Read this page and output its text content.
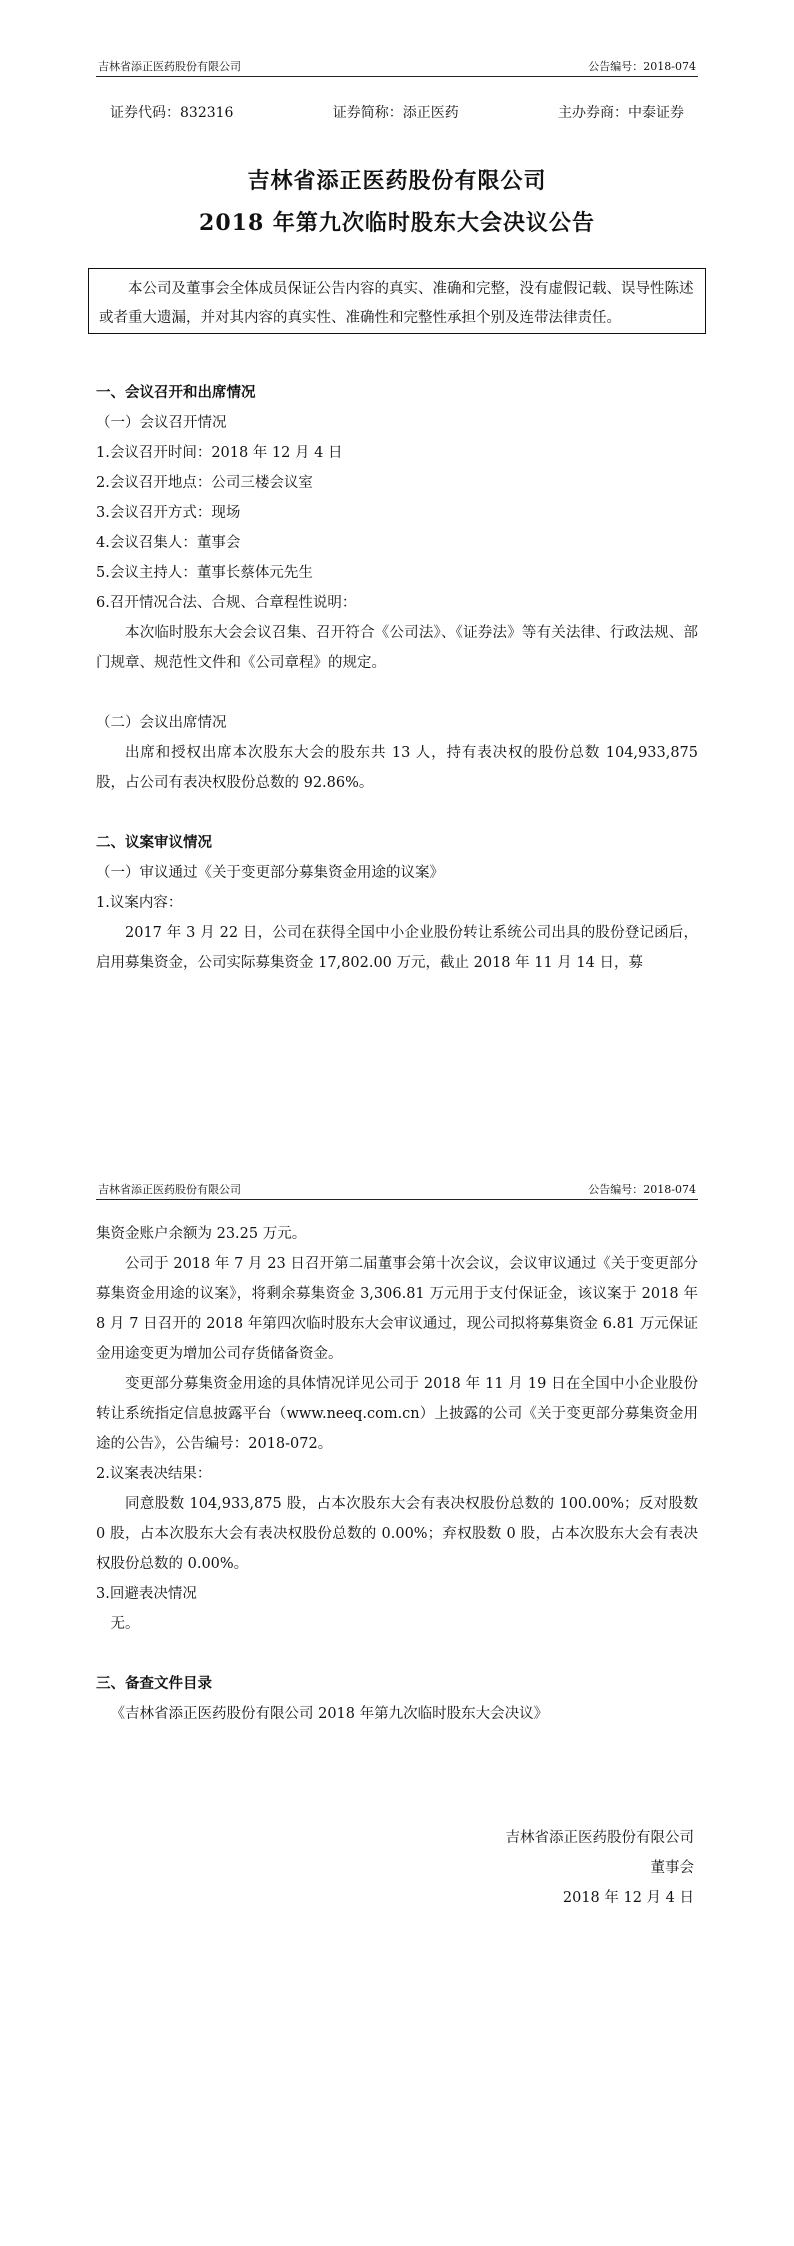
吉林省添正医药股份有限公司	公告编号：2018-074
证券代码：832316	证券简称：添正医药	主办券商：中泰证券
吉林省添正医药股份有限公司
2018 年第九次临时股东大会决议公告
本公司及董事会全体成员保证公告内容的真实、准确和完整，没有虚假记载、误导性陈述或者重大遗漏，并对其内容的真实性、准确性和完整性承担个别及连带法律责任。
一、会议召开和出席情况
（一）会议召开情况
1.会议召开时间：2018 年 12 月 4 日
2.会议召开地点：公司三楼会议室
3.会议召开方式：现场
4.会议召集人：董事会
5.会议主持人：董事长蔡体元先生
6.召开情况合法、合规、合章程性说明：
本次临时股东大会会议召集、召开符合《公司法》、《证券法》等有关法律、行政法规、部门规章、规范性文件和《公司章程》的规定。
（二）会议出席情况
出席和授权出席本次股东大会的股东共 13 人，持有表决权的股份总数 104,933,875 股，占公司有表决权股份总数的 92.86%。
二、议案审议情况
（一）审议通过《关于变更部分募集资金用途的议案》
1.议案内容：
2017 年 3 月 22 日，公司在获得全国中小企业股份转让系统公司出具的股份登记函后，启用募集资金，公司实际募集资金 17,802.00 万元，截止 2018 年 11 月 14 日，募
吉林省添正医药股份有限公司	公告编号：2018-074
集资金账户余额为 23.25 万元。
公司于 2018 年 7 月 23 日召开第二届董事会第十次会议，会议审议通过《关于变更部分募集资金用途的议案》，将剩余募集资金 3,306.81 万元用于支付保证金，该议案于 2018 年 8 月 7 日召开的 2018 年第四次临时股东大会审议通过，现公司拟将募集资金 6.81 万元保证金用途变更为增加公司存货储备资金。
变更部分募集资金用途的具体情况详见公司于 2018 年 11 月 19 日在全国中小企业股份转让系统指定信息披露平台（www.neeq.com.cn）上披露的公司《关于变更部分募集资金用途的公告》，公告编号：2018-072。
2.议案表决结果：
同意股数 104,933,875 股，占本次股东大会有表决权股份总数的 100.00%；反对股数 0 股，占本次股东大会有表决权股份总数的 0.00%；弃权股数 0 股，占本次股东大会有表决权股份总数的 0.00%。
3.回避表决情况
无。
三、备查文件目录
《吉林省添正医药股份有限公司 2018 年第九次临时股东大会决议》
吉林省添正医药股份有限公司
董事会
2018 年 12 月 4 日
